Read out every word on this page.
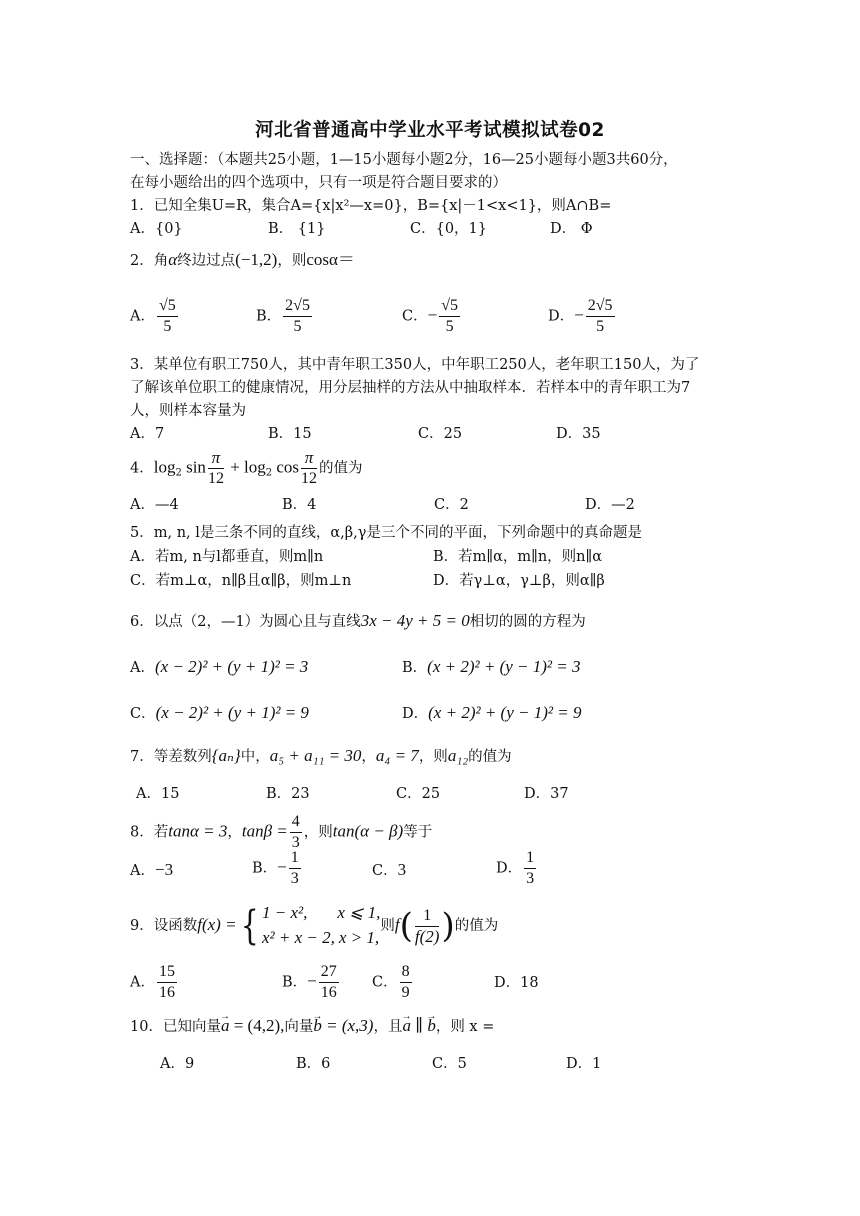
河北省普通高中学业水平考试模拟试卷02
一、选择题：（本题共25小题，1—15小题每小题2分，16—25小题每小题3共60分，
在每小题给出的四个选项中，只有一项是符合题目要求的）
1．已知全集U=R，集合A={x|x²—x=0}，B={x|－1<x<1}，则A∩B=
A．{0}	B． {1}	C．{0，1}	D． Φ
2．角α终边过点(−1,2)，则cosα＝
A． $\frac{√5}{5}$	B． $\frac{2√5}{5}$	C．− $\frac{√5}{5}$	D．− $\frac{2√5}{5}$
3．某单位有职工750人，其中青年职工350人，中年职工250人，老年职工150人，为了
了解该单位职工的健康情况，用分层抽样的方法从中抽取样本．若样本中的青年职工为7
人，则样本容量为
A．7	B．15	C．25	D．35
4．$\log_2 \sin \frac{\pi}{12} + \log_2 \cos \frac{\pi}{12}$ 的值为
A．—4	B．4	C．2	D．—2
5．m, n, l是三条不同的直线，α,β,γ是三个不同的平面，下列命题中的真命题是
A．若m, n与l都垂直，则m∥n	B．若m∥α，m∥n，则n∥α
C．若m⊥α，n∥β且α∥β，则m⊥n	D．若γ⊥α，γ⊥β，则α∥β
6．以点（2，—1）为圆心且与直线3x − 4y + 5 = 0相切的圆的方程为
A．(x − 2)² + (y + 1)² = 3	B．(x + 2)² + (y − 1)² = 3
C．(x − 2)² + (y + 1)² = 9	D．(x + 2)² + (y − 1)² = 9
7．等差数列{aₙ}中，a₅ + a₁₁ = 30，a₄ = 7，则a₁₂的值为
A．15	B．23	C．25	D．37
8．若tanα = 3，$\tan\beta = \frac{4}{3}$ ，则tan(α − β)等于
A．−3	B．− $\frac{1}{3}$	C．3	D． $\frac{1}{3}$
9．设函数f(x) ={ 1 − x², x ⩽ 1,
x² + x − 2, x > 1,
则$f( \frac{1}{f(2)}$ )的值为
A． $\frac{15}{16}$	B．− $\frac{27}{16}$ C． $\frac{8}{9}$	D．18
10．已知向量→ a = (4,2),向量→ b = (x,3)，且→ a ∥ → b，则 x =
A．9	B．6	C．5	D．1
